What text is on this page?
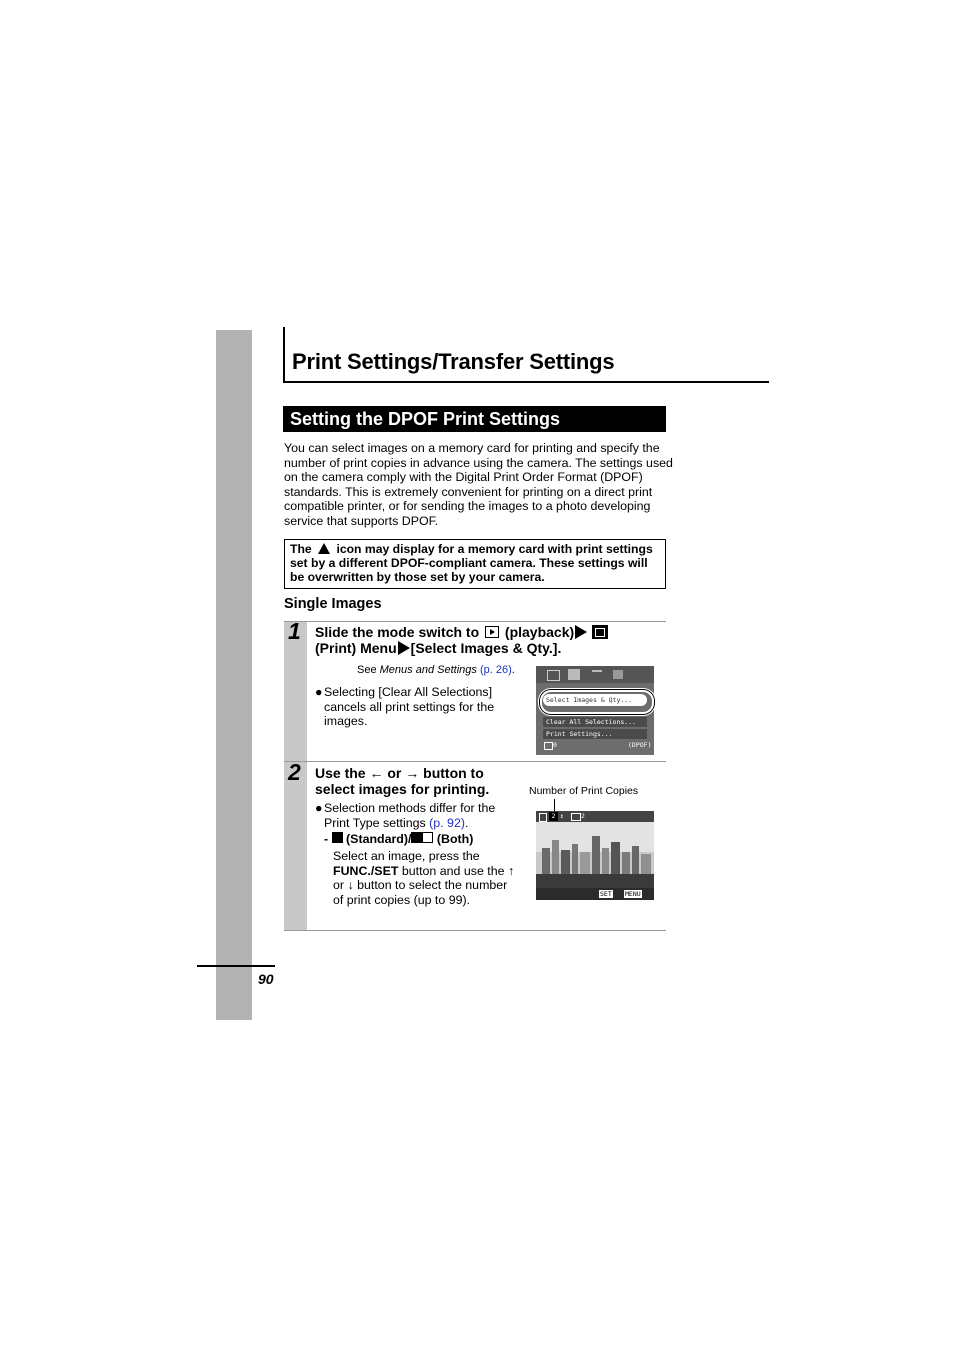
Print Settings/Transfer Settings
Setting the DPOF Print Settings
You can select images on a memory card for printing and specify the number of print copies in advance using the camera. The settings used on the camera comply with the Digital Print Order Format (DPOF) standards. This is extremely convenient for printing on a direct print compatible printer, or for sending the images to a photo developing service that supports DPOF.
The icon may display for a memory card with print settings set by a different DPOF-compliant camera. These settings will be overwritten by those set by your camera.
Single Images
1 Slide the mode switch to (playback)
(Print) Menu [Select Images & Qty.].
See Menus and Settings (p. 26).
● Selecting [Clear All Selections] cancels all print settings for the images.
Select Images & Qty...
Clear All Selections...
Print Settings...
0	(DPOF)
2 Use the ← or → button to select images for printing.
● Selection methods differ for the Print Type settings (p. 92).
- (Standard)/ (Both)
Select an image, press the FUNC./SET button and use the ↑ or ↓ button to select the number of print copies (up to 99).
Number of Print Copies
2 ↕	2
SET MENU
90
